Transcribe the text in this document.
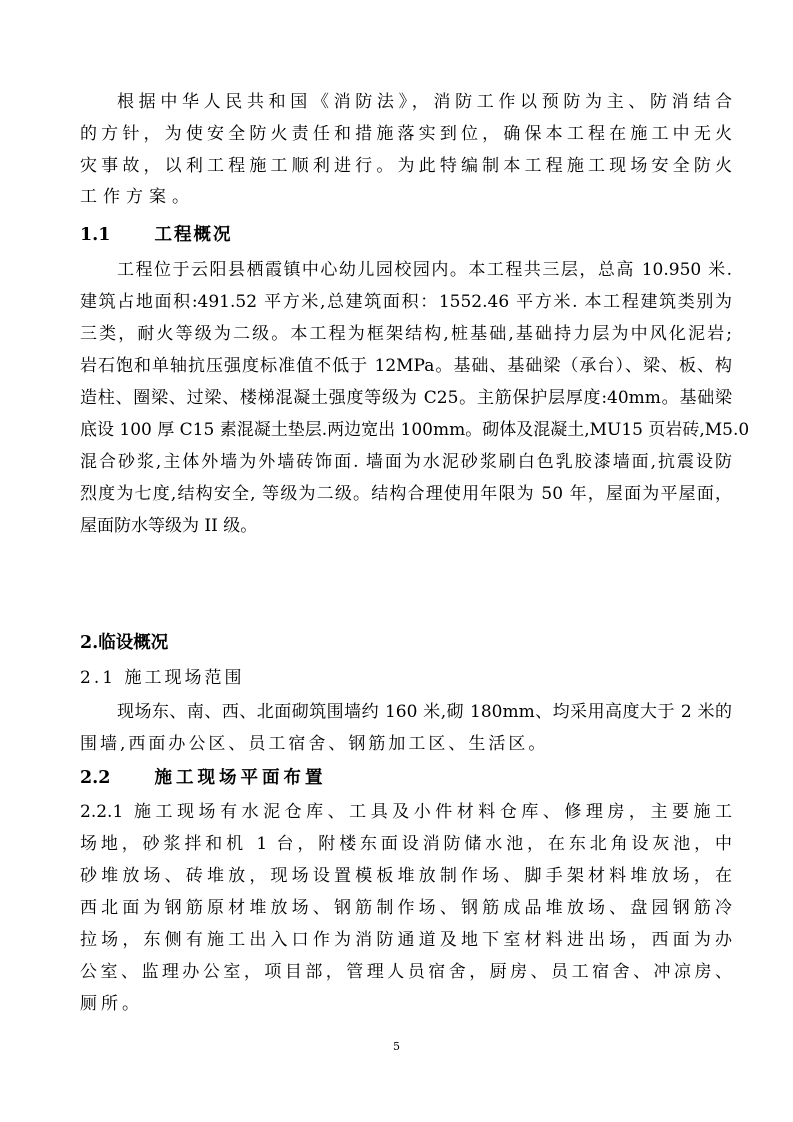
根据中华人民共和国《消防法》，消防工作以预防为主、防消结合
的方针，为使安全防火责任和措施落实到位，确保本工程在施工中无火
灾事故，以利工程施工顺利进行。为此特编制本工程施工现场安全防火
工作方案。
1.1	工程概况
工程位于云阳县栖霞镇中心幼儿园校园内。本工程共三层，总高 10.950 米.
建筑占地面积:491.52 平方米,总建筑面积：1552.46 平方米. 本工程建筑类别为
三类，耐火等级为二级。本工程为框架结构,桩基础,基础持力层为中风化泥岩;
岩石饱和单轴抗压强度标准值不低于 12MPa。基础、基础梁（承台）、梁、板、构
造柱、圈梁、过梁、楼梯混凝土强度等级为 C25。主筋保护层厚度:40mm。基础梁
底设 100 厚 C15 素混凝土垫层.两边宽出 100mm。砌体及混凝土,MU15 页岩砖,M5.0
混合砂浆,主体外墙为外墙砖饰面. 墙面为水泥砂浆刷白色乳胶漆墙面,抗震设防
烈度为七度,结构安全, 等级为二级。结构合理使用年限为 50 年，屋面为平屋面，
屋面防水等级为 II 级。
2.临设概况
2.1 施工现场范围
现场东、南、西、北面砌筑围墙约 160 米,砌 180mm、均采用高度大于 2 米的
围墙,西面办公区、员工宿舍、钢筋加工区、生活区。
2.2	施工现场平面布置
2.2.1 施工现场有水泥仓库、工具及小件材料仓库、修理房，主要施工
场地，砂浆拌和机 1 台，附楼东面设消防储水池，在东北角设灰池，中
砂堆放场、砖堆放，现场设置模板堆放制作场、脚手架材料堆放场，在
西北面为钢筋原材堆放场、钢筋制作场、钢筋成品堆放场、盘园钢筋冷
拉场，东侧有施工出入口作为消防通道及地下室材料进出场，西面为办
公室、监理办公室，项目部，管理人员宿舍，厨房、员工宿舍、冲凉房、
厕所。
5
